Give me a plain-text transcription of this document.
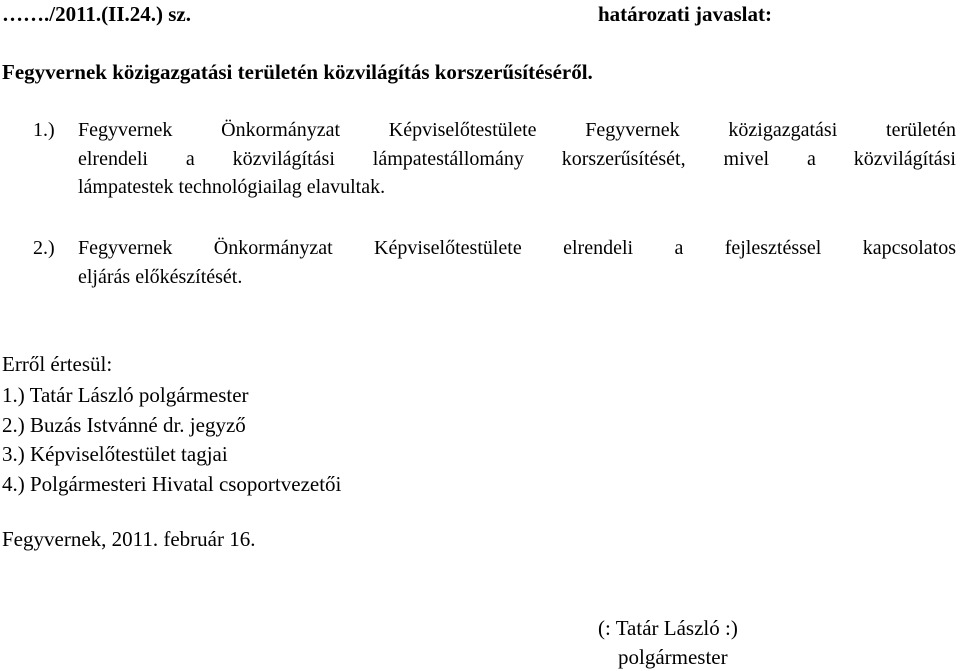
……./2011.(II.24.) sz.	határozati javaslat:
Fegyvernek közigazgatási területén közvilágítás korszerűsítéséről.
1.) Fegyvernek Önkormányzat Képviselőtestülete Fegyvernek közigazgatási területén
elrendeli a közvilágítási lámpatestállomány korszerűsítését, mivel a közvilágítási
lámpatestek technológiailag elavultak.

2.) Fegyvernek Önkormányzat Képviselőtestülete elrendeli a fejlesztéssel kapcsolatos
eljárás előkészítését.

Erről értesül:
1.) Tatár László polgármester
2.) Buzás Istvánné dr. jegyző
3.) Képviselőtestület tagjai
4.) Polgármesteri Hivatal csoportvezetői
Fegyvernek, 2011. február 16.
(: Tatár László :)
polgármester
